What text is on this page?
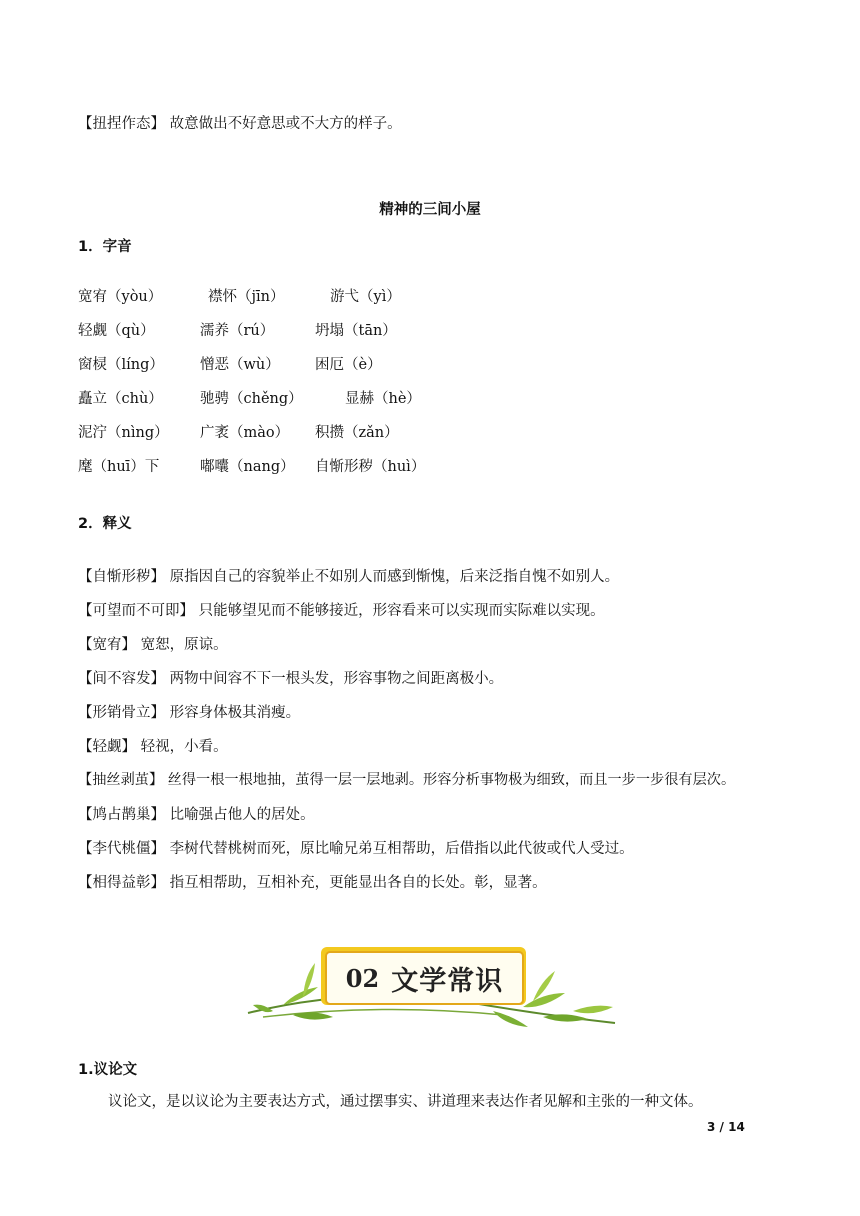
【扭捏作态】 故意做出不好意思或不大方的样子。
精神的三间小屋
1．字音
宽宥（yòu）	襟怀（jīn）	游弋（yì）
轻觑（qù）	濡养（rú）	坍塌（tān）
窗棂（líng） 憎恶（wù） 困厄（è）
矗立（chù）	驰骋（chěng）	显赫（hè）
泥泞（nìng） 广袤（mào） 积攒（zǎn）
麾（huī）下	嘟囔（nang） 自惭形秽（huì）
2．释义
【自惭形秽】 原指因自己的容貌举止不如别人而感到惭愧，后来泛指自愧不如别人。
【可望而不可即】 只能够望见而不能够接近，形容看来可以实现而实际难以实现。
【宽宥】 宽恕，原谅。
【间不容发】 两物中间容不下一根头发，形容事物之间距离极小。
【形销骨立】 形容身体极其消瘦。
【轻觑】 轻视，小看。
【抽丝剥茧】 丝得一根一根地抽，茧得一层一层地剥。形容分析事物极为细致，而且一步一步很有层次。
【鸠占鹊巢】 比喻强占他人的居处。
【李代桃僵】 李树代替桃树而死，原比喻兄弟互相帮助，后借指以此代彼或代人受过。
【相得益彰】 指互相帮助，互相补充，更能显出各自的长处。彰，显著。
02 文学常识
1.议论文
议论文，是以议论为主要表达方式，通过摆事实、讲道理来表达作者见解和主张的一种文体。
3 / 14
